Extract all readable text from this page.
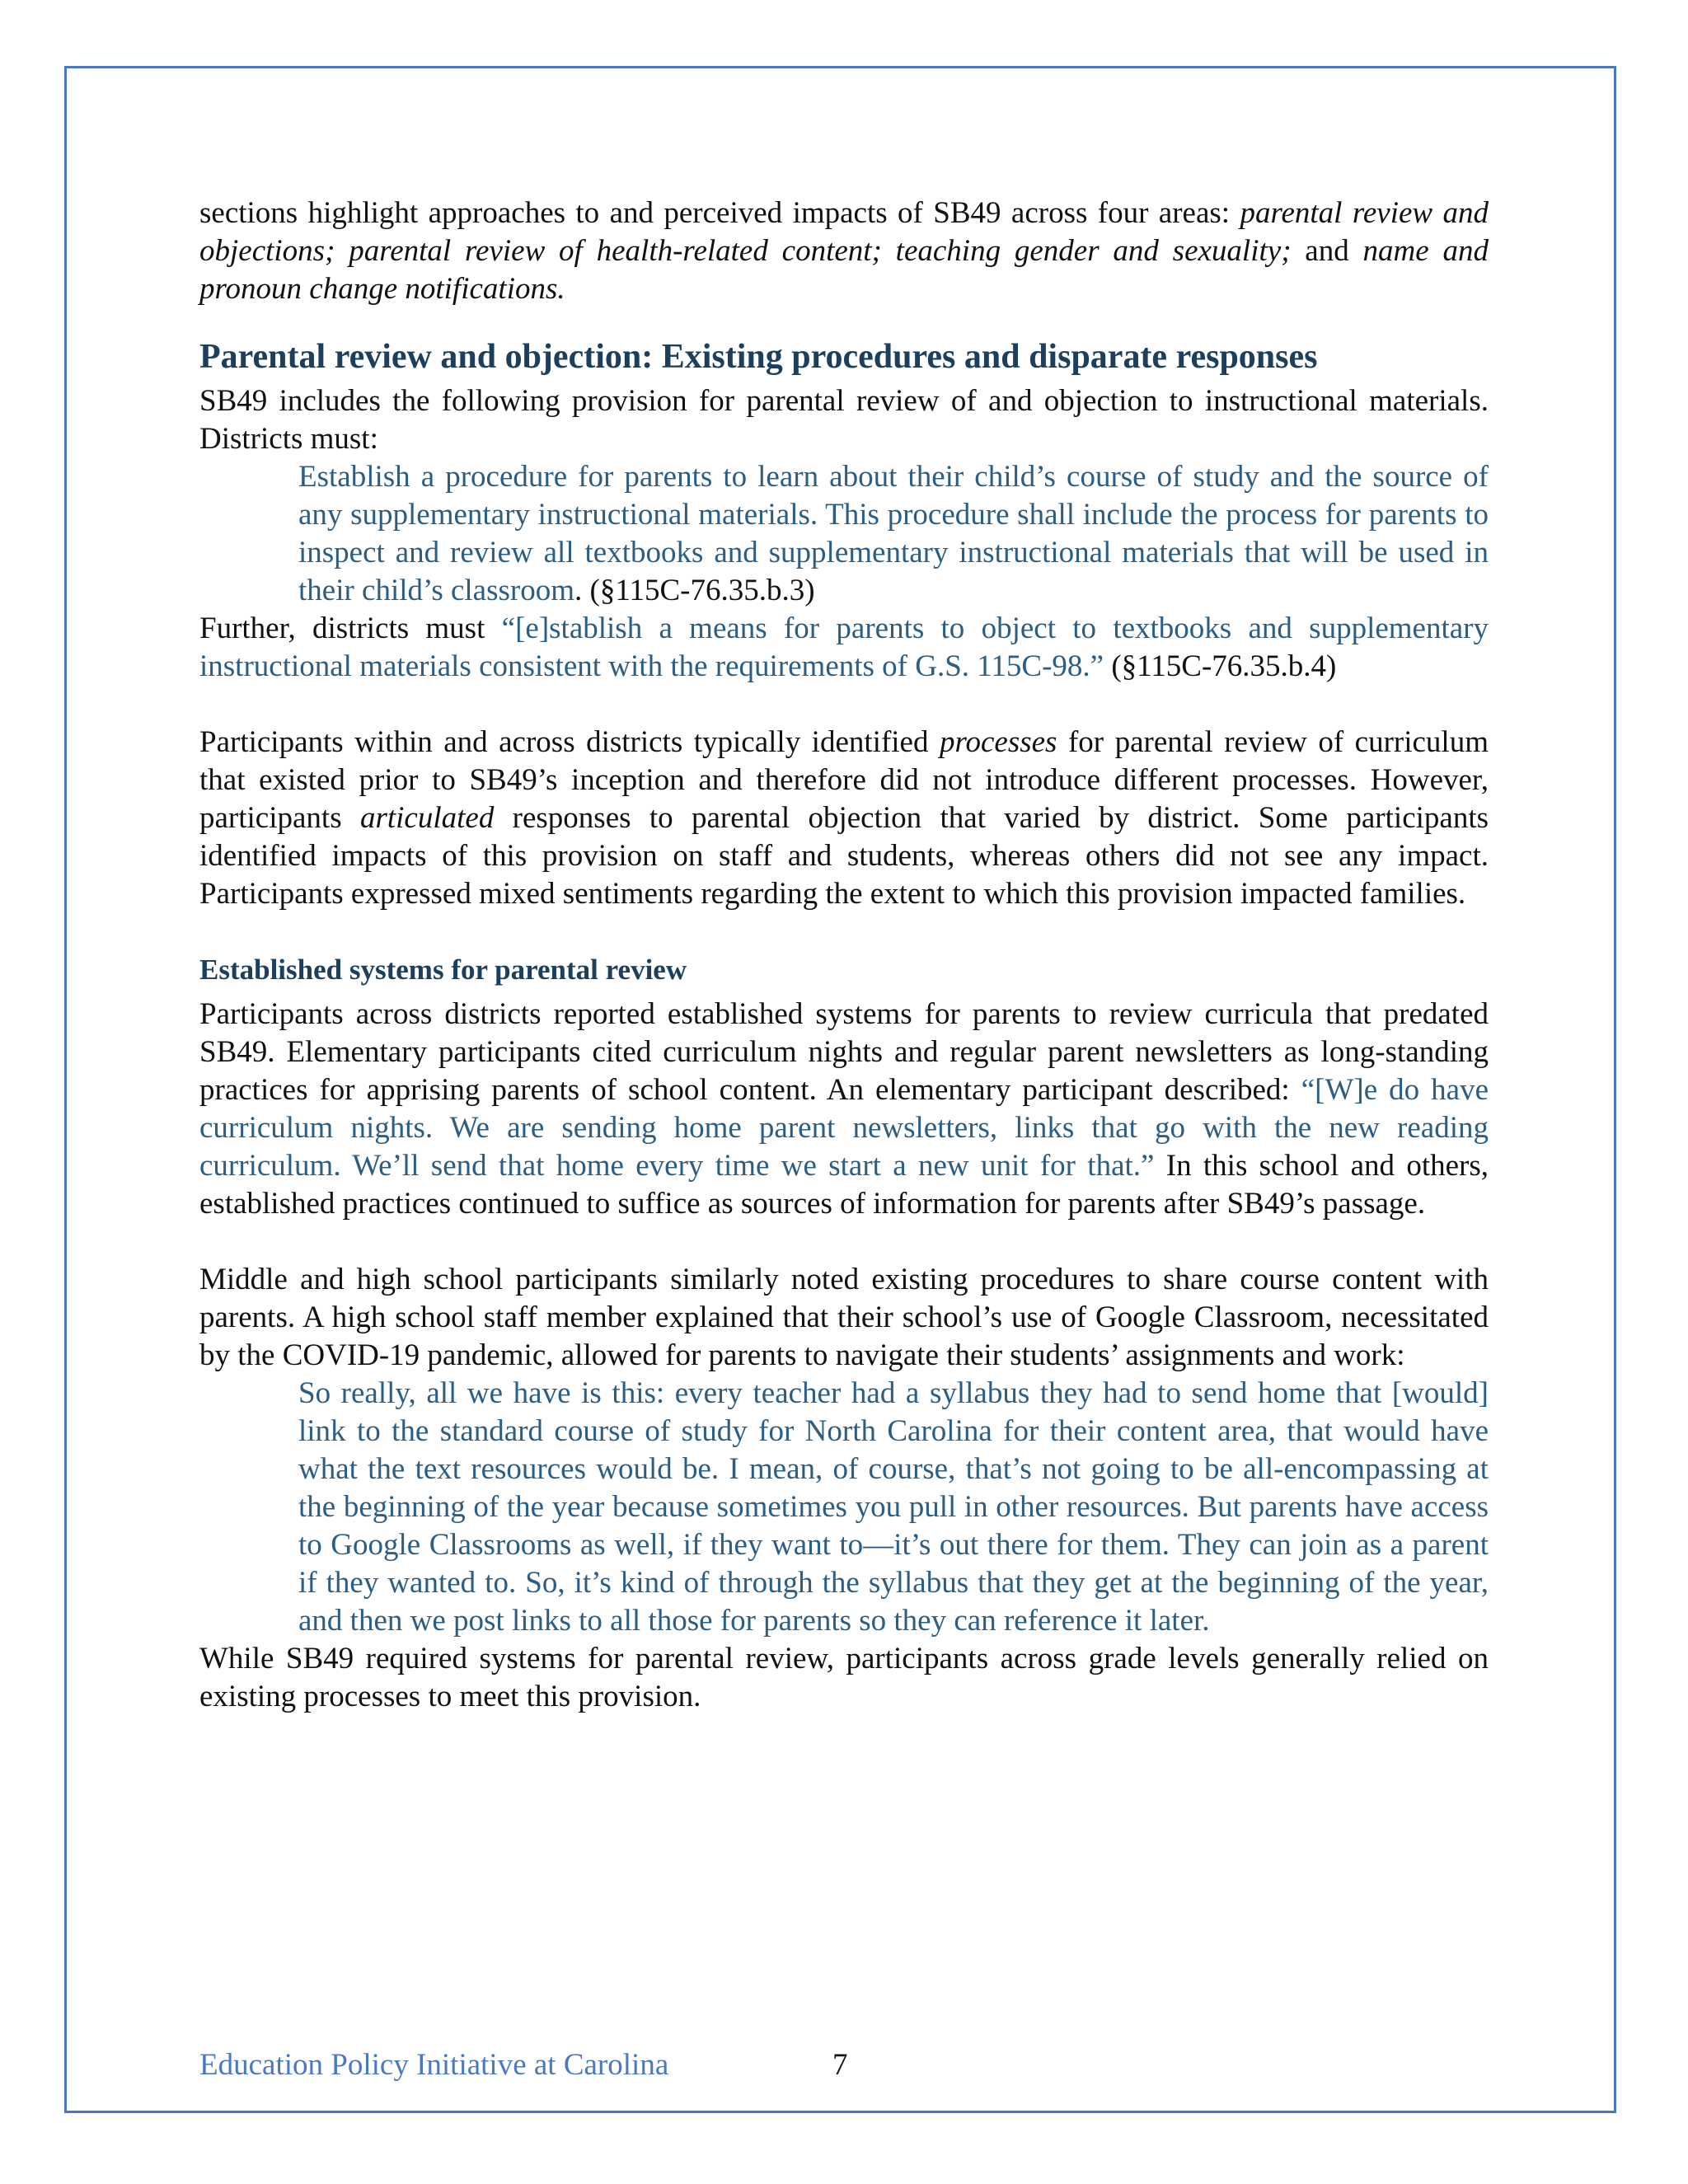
sections highlight approaches to and perceived impacts of SB49 across four areas: parental review and objections; parental review of health-related content; teaching gender and sexuality; and name and pronoun change notifications.

Parental review and objection: Existing procedures and disparate responses

SB49 includes the following provision for parental review of and objection to instructional materials. Districts must:

Establish a procedure for parents to learn about their child’s course of study and the source of any supplementary instructional materials. This procedure shall include the process for parents to inspect and review all textbooks and supplementary instructional materials that will be used in their child’s classroom. (§115C-76.35.b.3)

Further, districts must “[e]stablish a means for parents to object to textbooks and supplementary instructional materials consistent with the requirements of G.S. 115C-98.” (§115C-76.35.b.4)

Participants within and across districts typically identified processes for parental review of curriculum that existed prior to SB49’s inception and therefore did not introduce different processes. However, participants articulated responses to parental objection that varied by district. Some participants identified impacts of this provision on staff and students, whereas others did not see any impact. Participants expressed mixed sentiments regarding the extent to which this provision impacted families.

Established systems for parental review

Participants across districts reported established systems for parents to review curricula that predated SB49. Elementary participants cited curriculum nights and regular parent newsletters as long-standing practices for apprising parents of school content. An elementary participant described: “[W]e do have curriculum nights. We are sending home parent newsletters, links that go with the new reading curriculum. We’ll send that home every time we start a new unit for that.” In this school and others, established practices continued to suffice as sources of information for parents after SB49’s passage.

Middle and high school participants similarly noted existing procedures to share course content with parents. A high school staff member explained that their school’s use of Google Classroom, necessitated by the COVID-19 pandemic, allowed for parents to navigate their students’ assignments and work:

So really, all we have is this: every teacher had a syllabus they had to send home that [would] link to the standard course of study for North Carolina for their content area, that would have what the text resources would be. I mean, of course, that’s not going to be all-encompassing at the beginning of the year because sometimes you pull in other resources. But parents have access to Google Classrooms as well, if they want to—it’s out there for them. They can join as a parent if they wanted to. So, it’s kind of through the syllabus that they get at the beginning of the year, and then we post links to all those for parents so they can reference it later.

While SB49 required systems for parental review, participants across grade levels generally relied on existing processes to meet this provision.

Education Policy Initiative at Carolina	7
